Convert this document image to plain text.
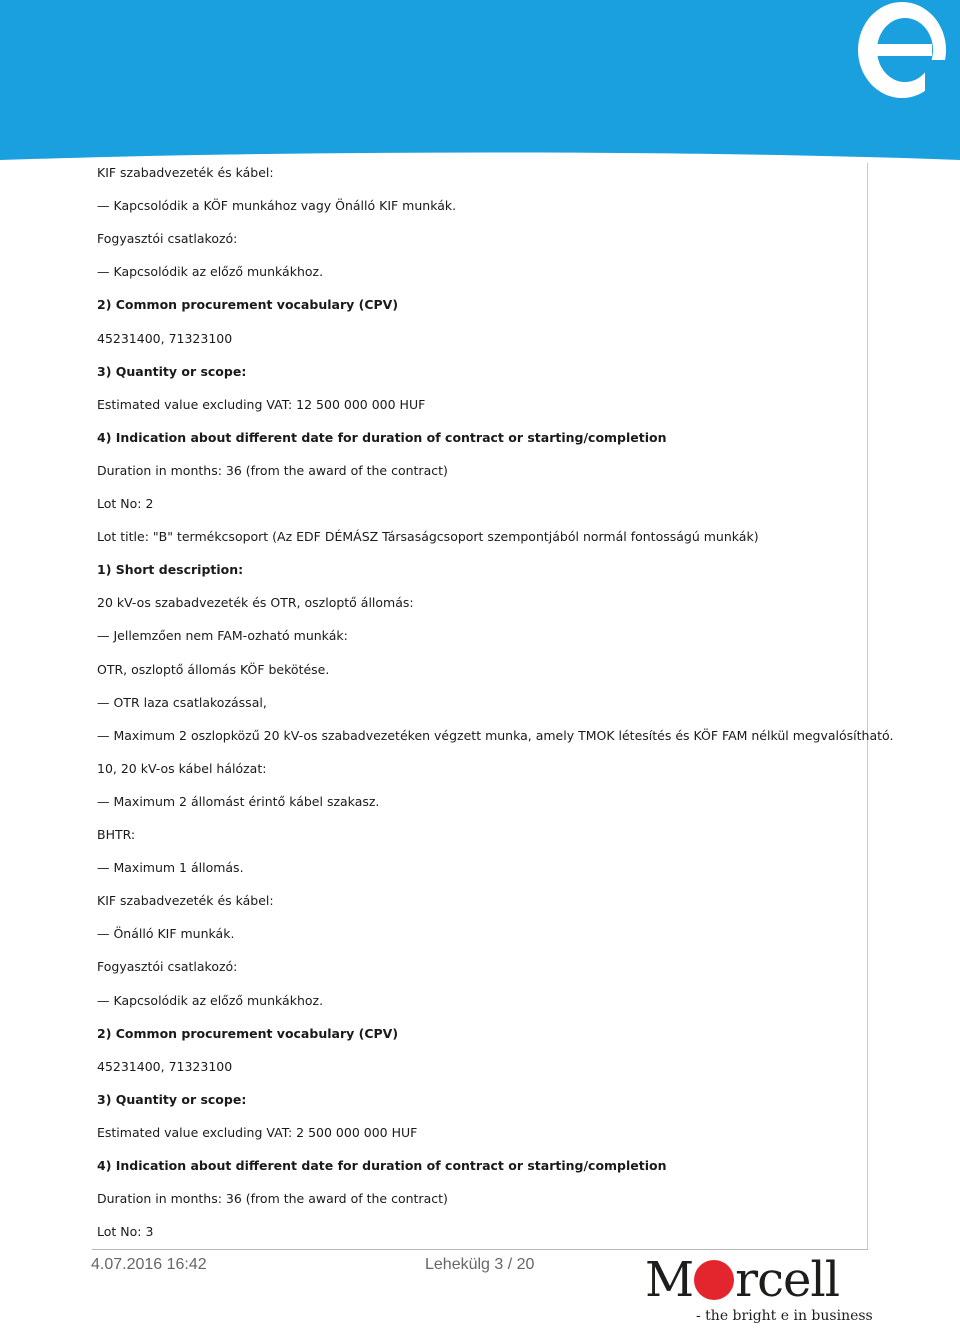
KIF szabadvezeték és kábel:
— Kapcsolódik a KÖF munkához vagy Önálló KIF munkák.
Fogyasztói csatlakozó:
— Kapcsolódik az előző munkákhoz.
2) Common procurement vocabulary (CPV)
45231400, 71323100
3) Quantity or scope:
Estimated value excluding VAT: 12 500 000 000 HUF
4) Indication about different date for duration of contract or starting/completion
Duration in months: 36 (from the award of the contract)
Lot No: 2
Lot title: "B" termékcsoport (Az EDF DÉMÁSZ Társaságcsoport szempontjából normál fontosságú munkák)
1) Short description:
20 kV-os szabadvezeték és OTR, oszloptő állomás:
— Jellemzően nem FAM-ozható munkák:
OTR, oszloptő állomás KÖF bekötése.
— OTR laza csatlakozással,
— Maximum 2 oszlopközű 20 kV-os szabadvezetéken végzett munka, amely TMOK létesítés és KÖF FAM nélkül megvalósítható.
10, 20 kV-os kábel hálózat:
— Maximum 2 állomást érintő kábel szakasz.
BHTR:
— Maximum 1 állomás.
KIF szabadvezeték és kábel:
— Önálló KIF munkák.
Fogyasztói csatlakozó:
— Kapcsolódik az előző munkákhoz.
2) Common procurement vocabulary (CPV)
45231400, 71323100
3) Quantity or scope:
Estimated value excluding VAT: 2 500 000 000 HUF
4) Indication about different date for duration of contract or starting/completion
Duration in months: 36 (from the award of the contract)
Lot No: 3
4.07.2016 16:42	Lehekülg 3 / 20 M rcell
- the bright e in business
